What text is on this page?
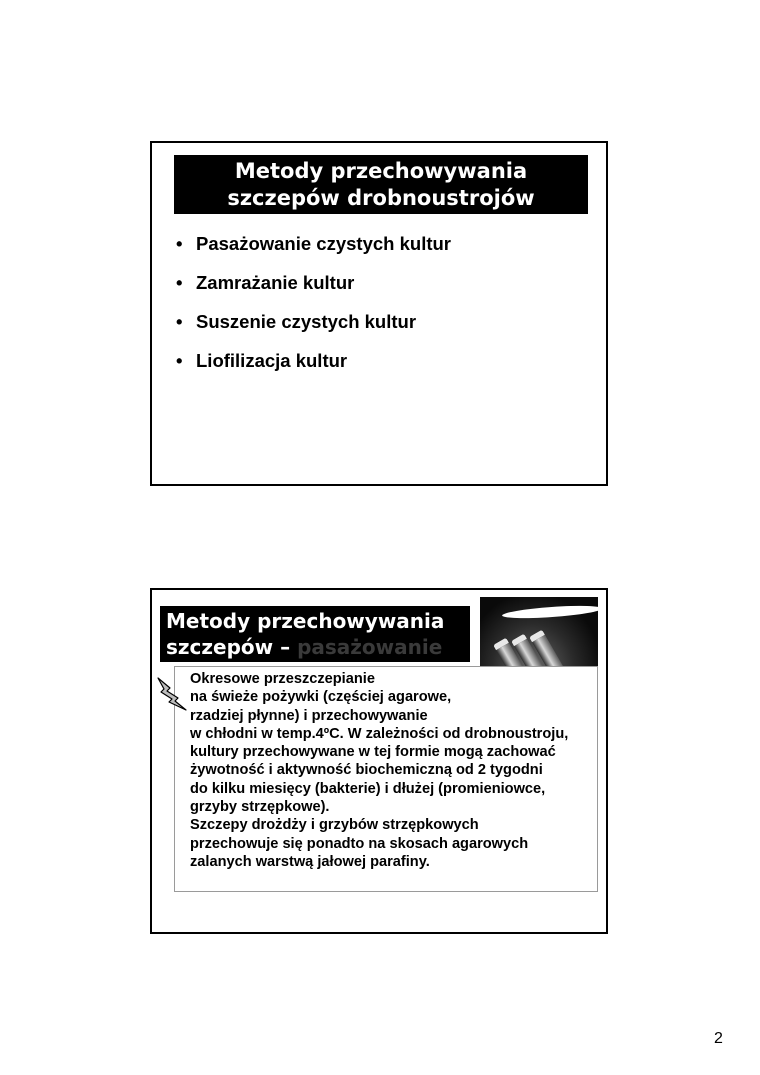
Metody przechowywania
szczepów drobnoustrojów
• Pasażowanie czystych kultur
• Zamrażanie kultur
• Suszenie czystych kultur
• Liofilizacja kultur
Metody przechowywania
szczepów – pasażowanie

Okresowe przeszczepianie

na świeże pożywki (częściej agarowe,

rzadziej płynne) i przechowywanie

w chłodni w temp.4ºC. W zależności od drobnoustroju,

kultury przechowywane w tej formie mogą zachować

żywotność i aktywność biochemiczną od 2 tygodni

do kilku miesięcy (bakterie) i dłużej (promieniowce,

grzyby strzępkowe).

Szczepy drożdży i grzybów strzępkowych

przechowuje się ponadto na skosach agarowych

zalanych warstwą jałowej parafiny.

2
